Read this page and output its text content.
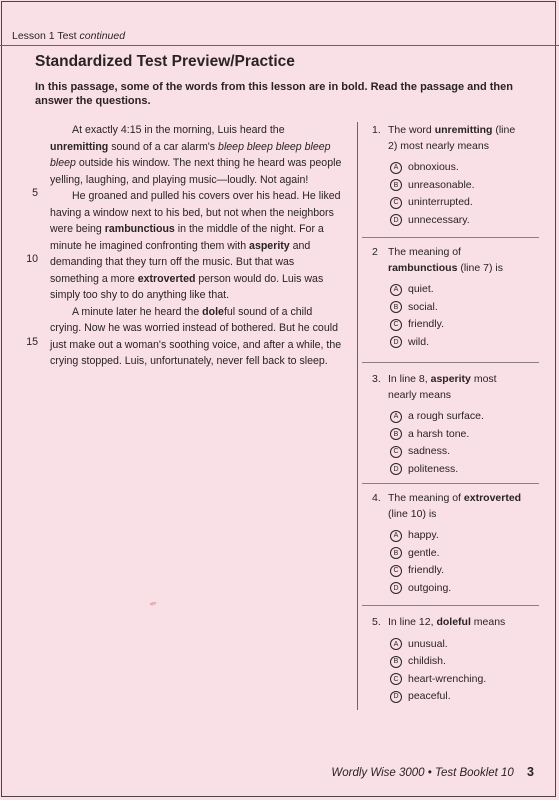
Lesson 1 Test continued
Standardized Test Preview/Practice
In this passage, some of the words from this lesson are in bold. Read the passage and then answer the questions.

At exactly 4:15 in the morning, Luis heard the unremitting sound of a car alarm's bleep bleep bleep bleep bleep outside his window. The next thing he heard was people yelling, laughing, and playing music—loudly. Not again!

He groaned and pulled his covers over his head. He liked having a window next to his bed, but not when the neighbors were being rambunctious in the middle of the night. For a minute he imagined confronting them with asperity and demanding that they turn off the music. But that was something a more extroverted person would do. Luis was simply too shy to do anything like that.

A minute later he heard the doleful sound of a child crying. Now he was worried instead of bothered. But he could just make out a woman's soothing voice, and after a while, the crying stopped. Luis, unfortunately, never fell back to sleep.

5
10
15
1. The word unremitting (line 2) most nearly means
A obnoxious.
B unreasonable.
C uninterrupted.
D unnecessary.
2 The meaning of rambunctious (line 7) is
A quiet.
B social.
C friendly.
D wild.
3. In line 8, asperity most nearly means
A a rough surface.
B a harsh tone.
C sadness.
D politeness.
4. The meaning of extroverted (line 10) is
A happy.
B gentle.
C friendly.
D outgoing.
5. In line 12, doleful means
A unusual.
B childish.
C heart-wrenching.
D peaceful.
ᵃᵖᵖ
Wordly Wise 3000 • Test Booklet 10 3
